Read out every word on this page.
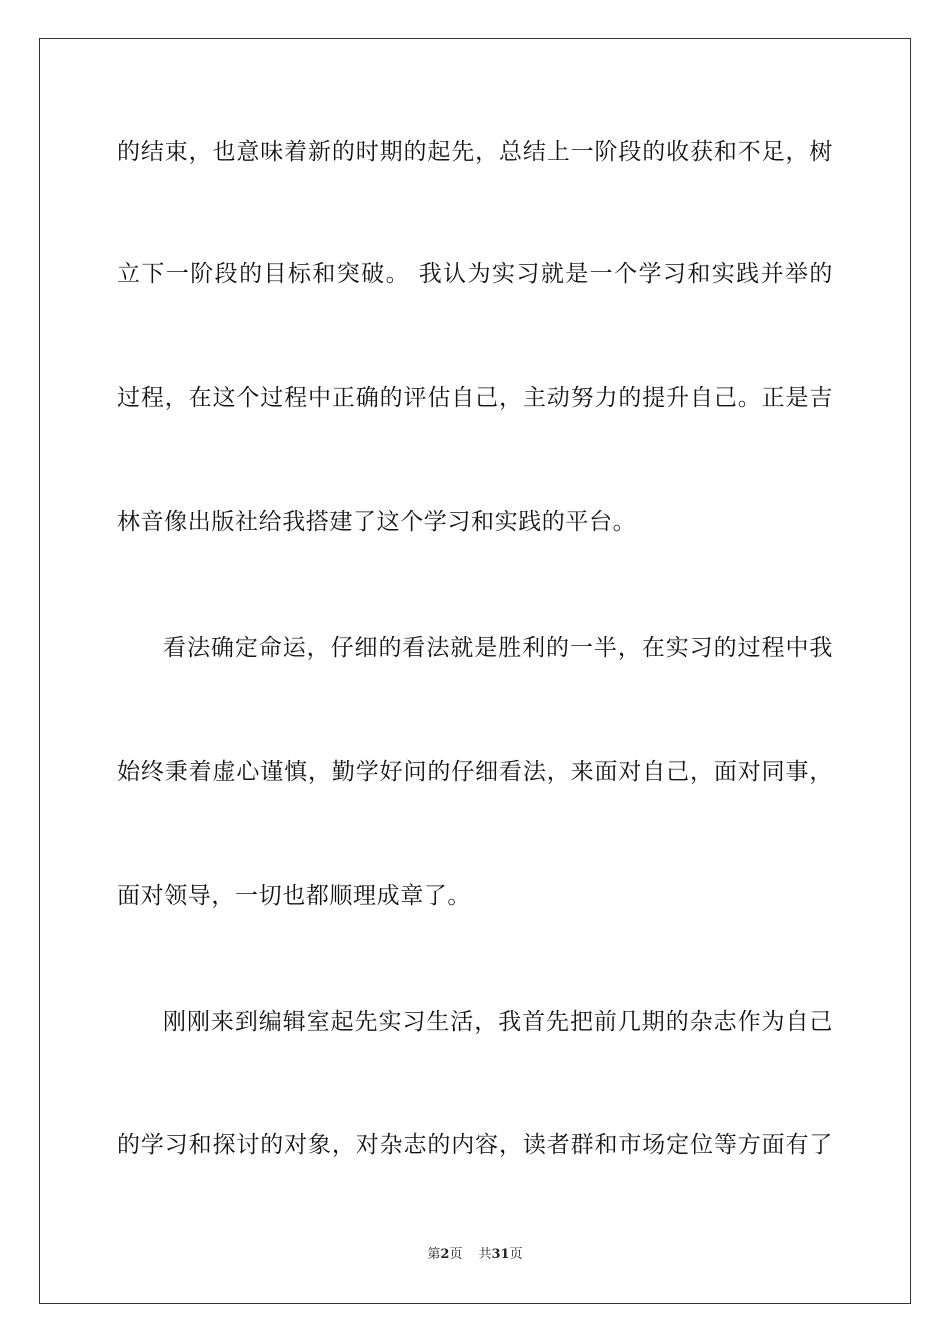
的结束，也意味着新的时期的起先，总结上一阶段的收获和不足，树
立下一阶段的目标和突破。 我认为实习就是一个学习和实践并举的
过程，在这个过程中正确的评估自己，主动努力的提升自己。正是吉
林音像出版社给我搭建了这个学习和实践的平台。
看法确定命运，仔细的看法就是胜利的一半，在实习的过程中我
始终秉着虚心谨慎，勤学好问的仔细看法，来面对自己，面对同事，
面对领导，一切也都顺理成章了。
刚刚来到编辑室起先实习生活，我首先把前几期的杂志作为自己
的学习和探讨的对象，对杂志的内容，读者群和市场定位等方面有了
第2页 共31页
